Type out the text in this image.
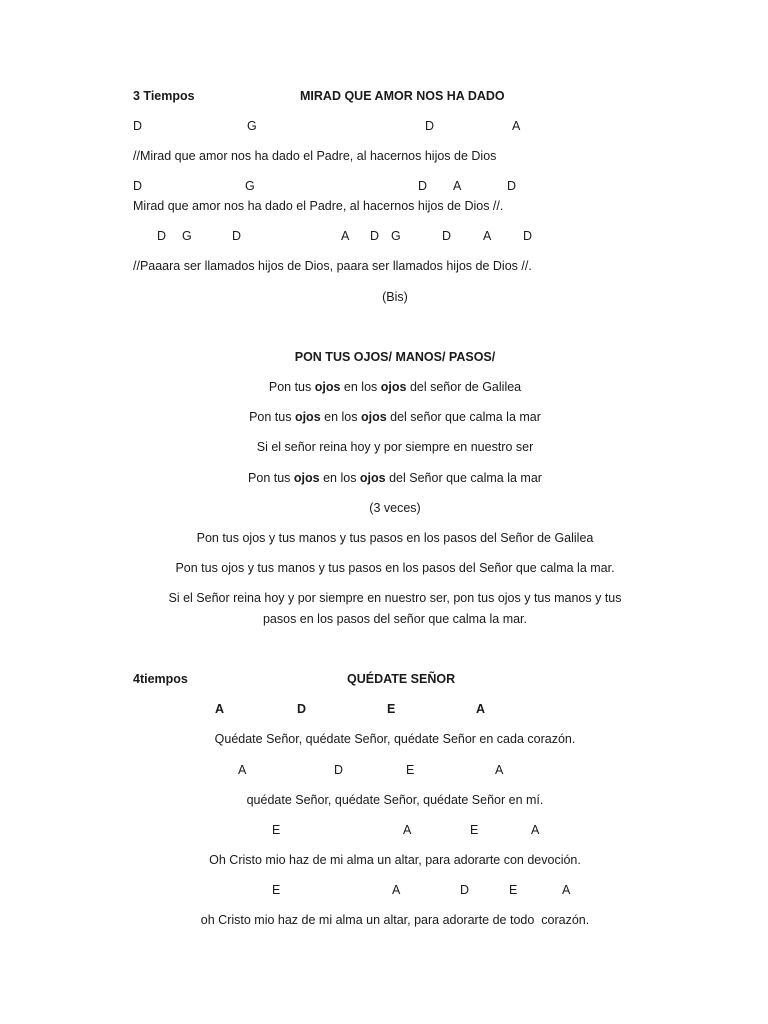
3 Tiempos	MIRAD QUE AMOR NOS HA DADO
D	G	D	A
//Mirad que amor nos ha dado el Padre, al hacernos hijos de Dios
D	G	D A	D
Mirad que amor nos ha dado el Padre, al hacernos hijos de Dios //.
D G	D	A D G	D	A	D
//Paaara ser llamados hijos de Dios, paara ser llamados hijos de Dios //.
(Bis)
PON TUS OJOS/ MANOS/ PASOS/
Pon tus ojos en los ojos del señor de Galilea
Pon tus ojos en los ojos del señor que calma la mar
Si el señor reina hoy y por siempre en nuestro ser
Pon tus ojos en los ojos del Señor que calma la mar
(3 veces)
Pon tus ojos y tus manos y tus pasos en los pasos del Señor de Galilea
Pon tus ojos y tus manos y tus pasos en los pasos del Señor que calma la mar.
Si el Señor reina hoy y por siempre en nuestro ser, pon tus ojos y tus manos y tus
pasos en los pasos del señor que calma la mar.
4tiempos	QUÉDATE SEÑOR
A	D	E	A
Quédate Señor, quédate Señor, quédate Señor en cada corazón.
A	D	E	A
quédate Señor, quédate Señor, quédate Señor en mí.
E	A	E	A
Oh Cristo mio haz de mi alma un altar, para adorarte con devoción.
E	A	D	E	A
oh Cristo mio haz de mi alma un altar, para adorarte de todo  corazón.
